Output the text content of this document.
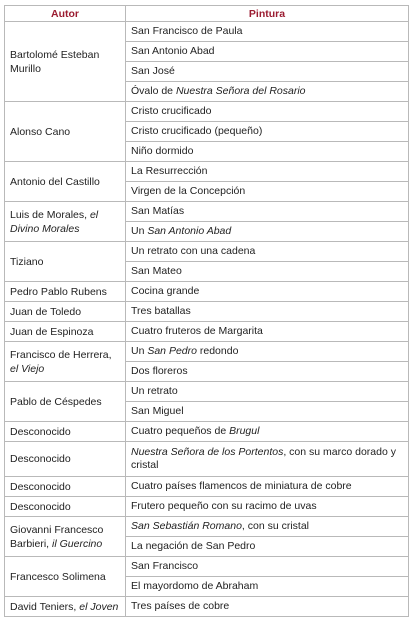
Autor	Pintura
Bartolomé Esteban Murillo	San Francisco de Paula
	San Antonio Abad
	San José
	Óvalo de Nuestra Señora del Rosario
Alonso Cano	Cristo crucificado
	Cristo crucificado (pequeño)
	Niño dormido
Antonio del Castillo	La Resurrección
	Virgen de la Concepción
Luis de Morales, el Divino Morales	San Matías
	Un San Antonio Abad
Tiziano	Un retrato con una cadena
	San Mateo
Pedro Pablo Rubens	Cocina grande
Juan de Toledo	Tres batallas
Juan de Espinoza	Cuatro fruteros de Margarita
Francisco de Herrera, el Viejo	Un San Pedro redondo
	Dos floreros
Pablo de Céspedes	Un retrato
	San Miguel
Desconocido	Cuatro pequeños de Brugul
Desconocido	Nuestra Señora de los Portentos, con su marco dorado y cristal
Desconocido	Cuatro países flamencos de miniatura de cobre
Desconocido	Frutero pequeño con su racimo de uvas
Giovanni Francesco Barbieri, il Guercino	San Sebastián Romano, con su cristal
	La negación de San Pedro
Francesco Solimena	San Francisco
	El mayordomo de Abraham
David Teniers, el Joven	Tres países de cobre
